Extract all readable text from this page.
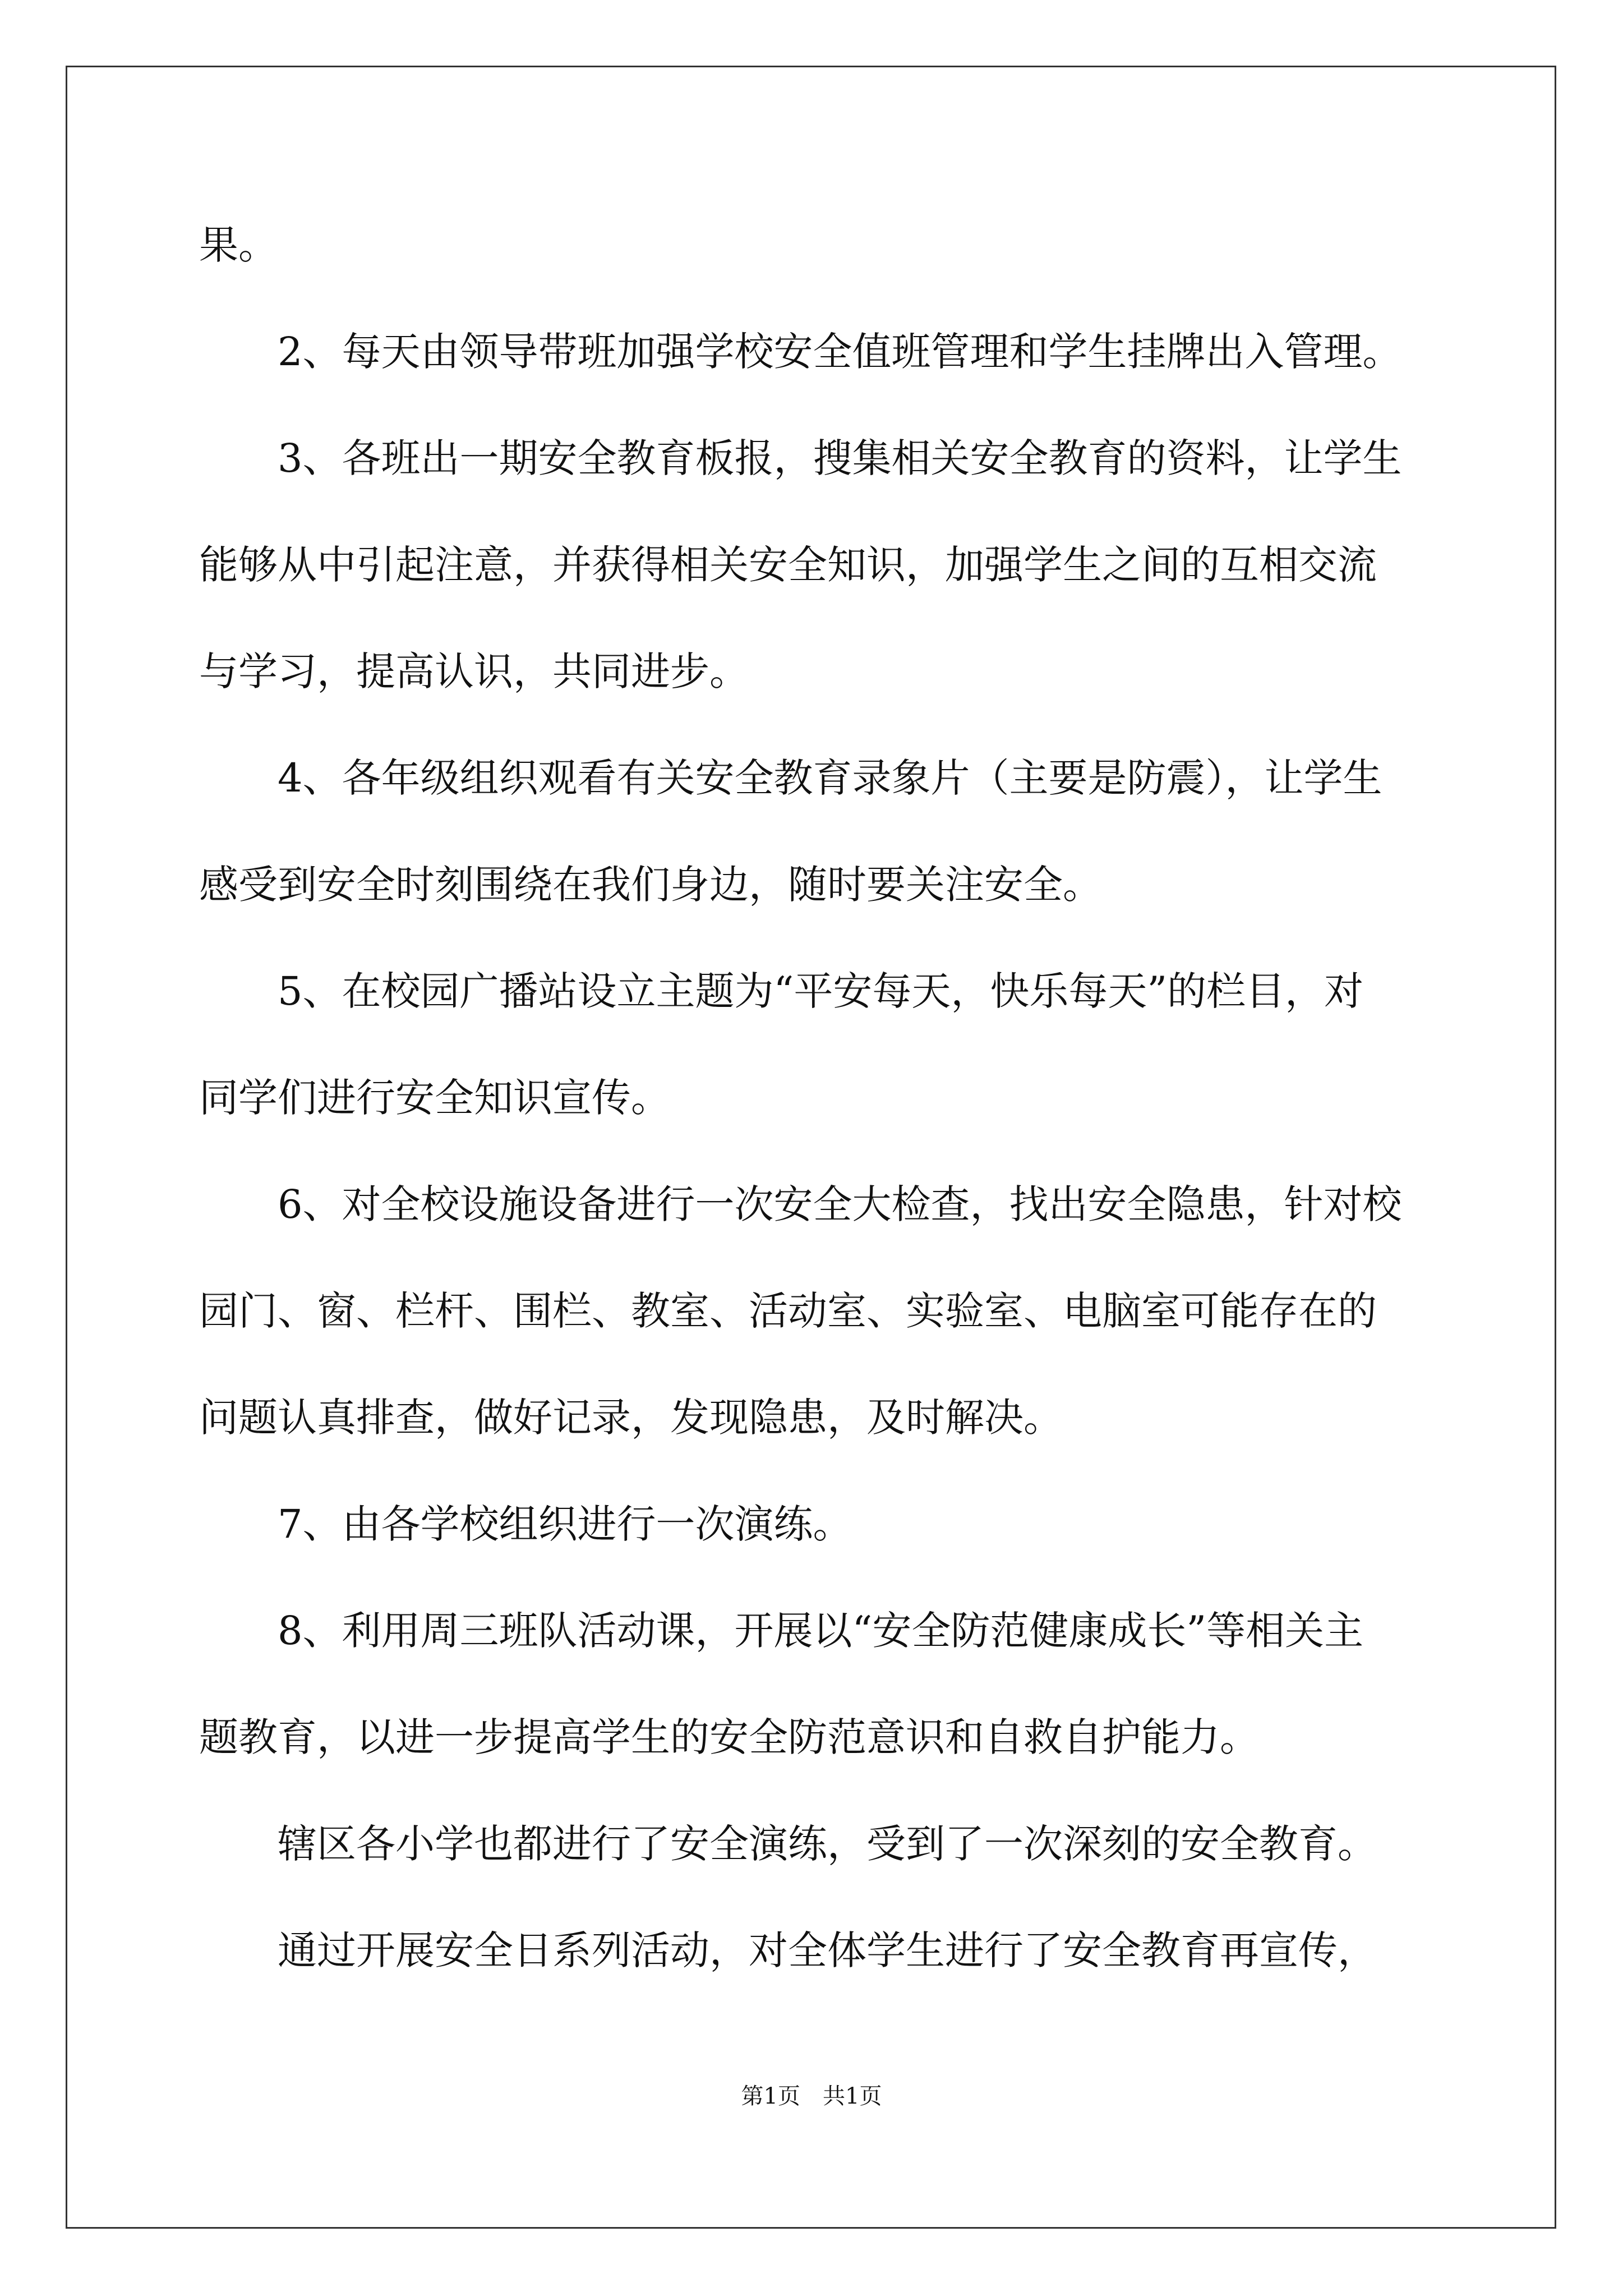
果。
　　2、每天由领导带班加强学校安全值班管理和学生挂牌出入管理。
　　3、各班出一期安全教育板报，搜集相关安全教育的资料，让学生
能够从中引起注意，并获得相关安全知识，加强学生之间的互相交流
与学习，提高认识，共同进步。
　　4、各年级组织观看有关安全教育录象片（主要是防震），让学生
感受到安全时刻围绕在我们身边，随时要关注安全。
　　5、在校园广播站设立主题为“平安每天，快乐每天”的栏目，对
同学们进行安全知识宣传。
　　6、对全校设施设备进行一次安全大检查，找出安全隐患，针对校
园门、窗、栏杆、围栏、教室、活动室、实验室、电脑室可能存在的
问题认真排查，做好记录，发现隐患，及时解决。
　　7、由各学校组织进行一次演练。
　　8、利用周三班队活动课，开展以“安全防范健康成长”等相关主
题教育，以进一步提高学生的安全防范意识和自救自护能力。
　　辖区各小学也都进行了安全演练，受到了一次深刻的安全教育。
　　通过开展安全日系列活动，对全体学生进行了安全教育再宣传，
第1页　共1页
